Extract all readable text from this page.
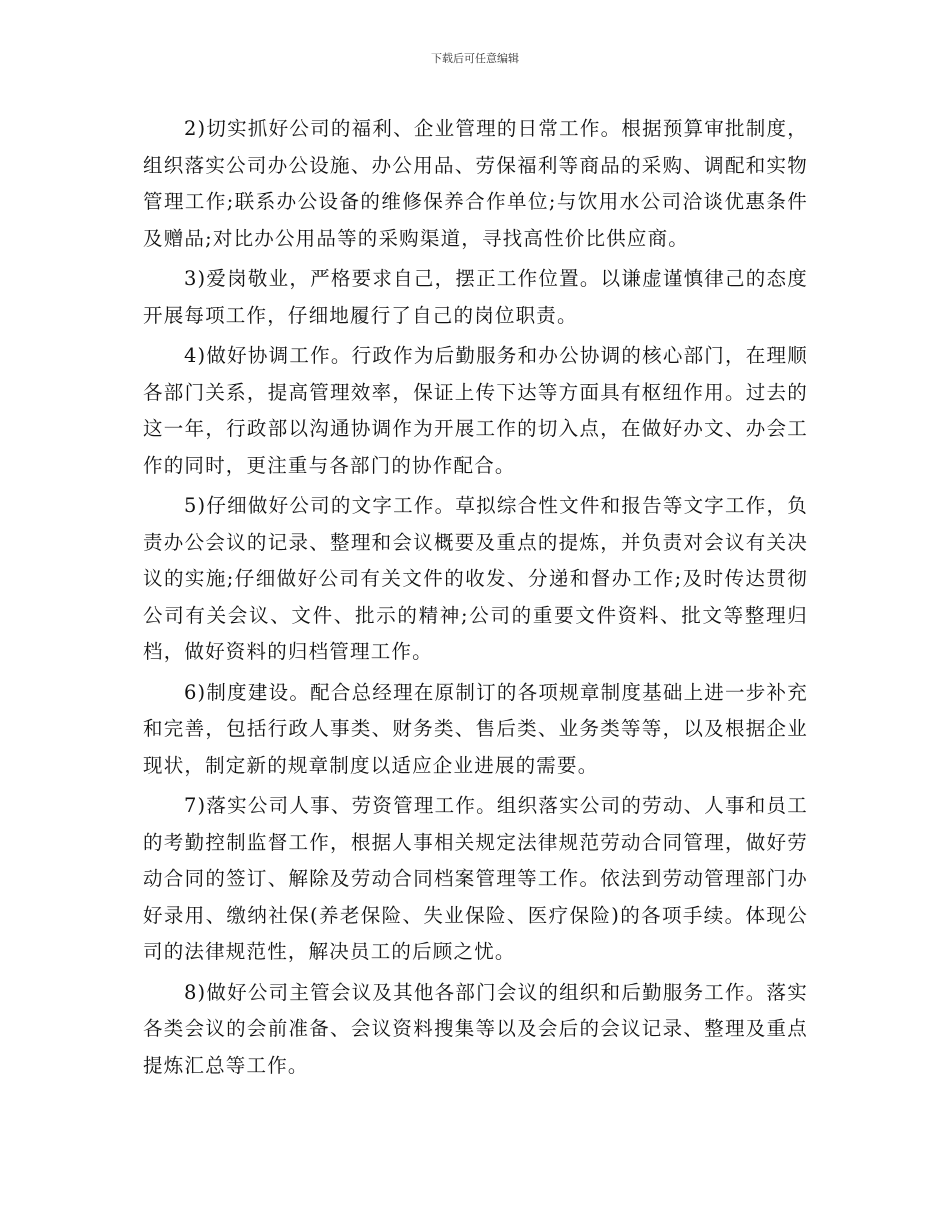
下载后可任意编辑

2)切实抓好公司的福利、企业管理的日常工作。根据预算审批制度，组织落实公司办公设施、办公用品、劳保福利等商品的采购、调配和实物管理工作;联系办公设备的维修保养合作单位;与饮用水公司洽谈优惠条件及赠品;对比办公用品等的采购渠道，寻找高性价比供应商。

3)爱岗敬业，严格要求自己，摆正工作位置。以谦虚谨慎律己的态度开展每项工作，仔细地履行了自己的岗位职责。

4)做好协调工作。行政作为后勤服务和办公协调的核心部门，在理顺各部门关系，提高管理效率，保证上传下达等方面具有枢纽作用。过去的这一年，行政部以沟通协调作为开展工作的切入点，在做好办文、办会工作的同时，更注重与各部门的协作配合。

5)仔细做好公司的文字工作。草拟综合性文件和报告等文字工作，负责办公会议的记录、整理和会议概要及重点的提炼，并负责对会议有关决议的实施;仔细做好公司有关文件的收发、分递和督办工作;及时传达贯彻公司有关会议、文件、批示的精神;公司的重要文件资料、批文等整理归档，做好资料的归档管理工作。

6)制度建设。配合总经理在原制订的各项规章制度基础上进一步补充和完善，包括行政人事类、财务类、售后类、业务类等等，以及根据企业现状，制定新的规章制度以适应企业进展的需要。

7)落实公司人事、劳资管理工作。组织落实公司的劳动、人事和员工的考勤控制监督工作，根据人事相关规定法律规范劳动合同管理，做好劳动合同的签订、解除及劳动合同档案管理等工作。依法到劳动管理部门办好录用、缴纳社保(养老保险、失业保险、医疗保险)的各项手续。体现公司的法律规范性，解决员工的后顾之忧。

8)做好公司主管会议及其他各部门会议的组织和后勤服务工作。落实各类会议的会前准备、会议资料搜集等以及会后的会议记录、整理及重点提炼汇总等工作。
